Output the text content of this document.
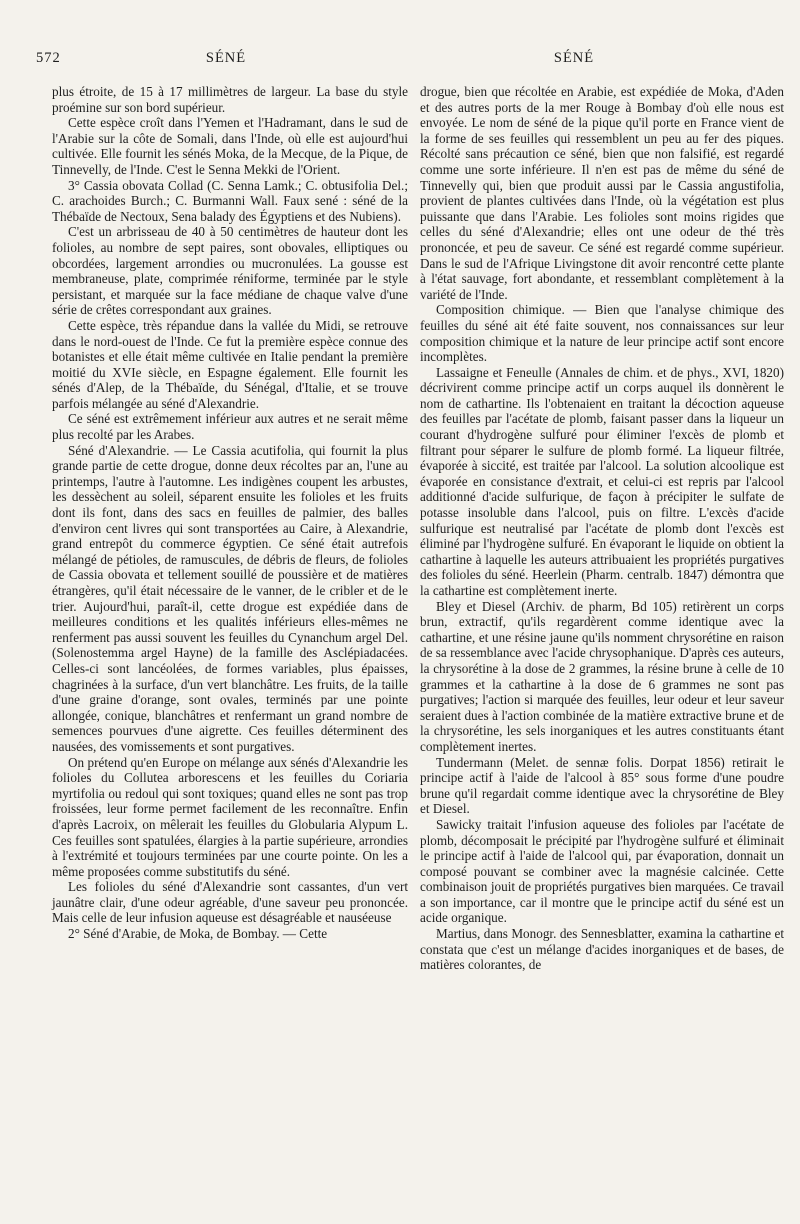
SÉNÉ
572	SÉNÉ

plus étroite, de 15 à 17 millimètres de largeur. La base du style proémine sur son bord supérieur.

Cette espèce croît dans l'Yemen et l'Hadramant, dans le sud de l'Arabie sur la côte de Somali, dans l'Inde, où elle est aujourd'hui cultivée. Elle fournit les sénés Moka, de la Mecque, de la Pique, de Tinnevelly, de l'Inde. C'est le Senna Mekki de l'Orient.

3° Cassia obovata Collad (C. Senna Lamk.; C. obtusifolia Del.; C. arachoides Burch.; C. Burmanni Wall. Faux sené : séné de la Thébaïde de Nectoux, Sena balady des Égyptiens et des Nubiens).

C'est un arbrisseau de 40 à 50 centimètres de hauteur dont les folioles, au nombre de sept paires, sont obovales, elliptiques ou obcordées, largement arrondies ou mucronulées. La gousse est membraneuse, plate, comprimée réniforme, terminée par le style persistant, et marquée sur la face médiane de chaque valve d'une série de crêtes correspondant aux graines.

Cette espèce, très répandue dans la vallée du Midi, se retrouve dans le nord-ouest de l'Inde. Ce fut la première espèce connue des botanistes et elle était même cultivée en Italie pendant la première moitié du XVIe siècle, en Espagne également. Elle fournit les sénés d'Alep, de la Thébaïde, du Sénégal, d'Italie, et se trouve parfois mélangée au séné d'Alexandrie.

Ce séné est extrêmement inférieur aux autres et ne serait même plus recolté par les Arabes.

Séné d'Alexandrie. — Le Cassia acutifolia, qui fournit la plus grande partie de cette drogue, donne deux récoltes par an, l'une au printemps, l'autre à l'automne. Les indigènes coupent les arbustes, les dessèchent au soleil, séparent ensuite les folioles et les fruits dont ils font, dans des sacs en feuilles de palmier, des balles d'environ cent livres qui sont transportées au Caire, à Alexandrie, grand entrepôt du commerce égyptien. Ce séné était autrefois mélangé de pétioles, de ramuscules, de débris de fleurs, de folioles de Cassia obovata et tellement souillé de poussière et de matières étrangères, qu'il était nécessaire de le vanner, de le cribler et de le trier. Aujourd'hui, paraît-il, cette drogue est expédiée dans de meilleures conditions et les qualités inférieurs elles-mêmes ne renferment pas aussi souvent les feuilles du Cynanchum argel Del. (Solenostemma argel Hayne) de la famille des Asclépiadacées. Celles-ci sont lancéolées, de formes variables, plus épaisses, chagrinées à la surface, d'un vert blanchâtre. Les fruits, de la taille d'une graine d'orange, sont ovales, terminés par une pointe allongée, conique, blanchâtres et renfermant un grand nombre de semences pourvues d'une aigrette. Ces feuilles déterminent des nausées, des vomissements et sont purgatives.

On prétend qu'en Europe on mélange aux sénés d'Alexandrie les folioles du Collutea arborescens et les feuilles du Coriaria myrtifolia ou redoul qui sont toxiques; quand elles ne sont pas trop froissées, leur forme permet facilement de les reconnaître. Enfin d'après Lacroix, on mêlerait les feuilles du Globularia Alypum L. Ces feuilles sont spatulées, élargies à la partie supérieure, arrondies à l'extrémité et toujours terminées par une courte pointe. On les a même proposées comme substitutifs du séné.

Les folioles du séné d'Alexandrie sont cassantes, d'un vert jaunâtre clair, d'une odeur agréable, d'une saveur peu prononcée. Mais celle de leur infusion aqueuse est désagréable et nauséeuse

2° Séné d'Arabie, de Moka, de Bombay. — Cette

drogue, bien que récoltée en Arabie, est expédiée de Moka, d'Aden et des autres ports de la mer Rouge à Bombay d'où elle nous est envoyée. Le nom de séné de la pique qu'il porte en France vient de la forme de ses feuilles qui ressemblent un peu au fer des piques. Récolté sans précaution ce séné, bien que non falsifié, est regardé comme une sorte inférieure. Il n'en est pas de même du séné de Tinnevelly qui, bien que produit aussi par le Cassia angustifolia, provient de plantes cultivées dans l'Inde, où la végétation est plus puissante que dans l'Arabie. Les folioles sont moins rigides que celles du séné d'Alexandrie; elles ont une odeur de thé très prononcée, et peu de saveur. Ce séné est regardé comme supérieur. Dans le sud de l'Afrique Livingstone dit avoir rencontré cette plante à l'état sauvage, fort abondante, et ressemblant complètement à la variété de l'Inde.

Composition chimique. — Bien que l'analyse chimique des feuilles du séné ait été faite souvent, nos connaissances sur leur composition chimique et la nature de leur principe actif sont encore incomplètes.

Lassaigne et Feneulle (Annales de chim. et de phys., XVI, 1820) décrivirent comme principe actif un corps auquel ils donnèrent le nom de cathartine. Ils l'obtenaient en traitant la décoction aqueuse des feuilles par l'acétate de plomb, faisant passer dans la liqueur un courant d'hydrogène sulfuré pour éliminer l'excès de plomb et filtrant pour séparer le sulfure de plomb formé. La liqueur filtrée, évaporée à siccité, est traitée par l'alcool. La solution alcoolique est évaporée en consistance d'extrait, et celui-ci est repris par l'alcool additionné d'acide sulfurique, de façon à précipiter le sulfate de potasse insoluble dans l'alcool, puis on filtre. L'excès d'acide sulfurique est neutralisé par l'acétate de plomb dont l'excès est éliminé par l'hydrogène sulfuré. En évaporant le liquide on obtient la cathartine à laquelle les auteurs attribuaient les propriétés purgatives des folioles du séné. Heerlein (Pharm. centralb. 1847) démontra que la cathartine est complètement inerte.

Bley et Diesel (Archiv. de pharm, Bd 105) retirèrent un corps brun, extractif, qu'ils regardèrent comme identique avec la cathartine, et une résine jaune qu'ils nomment chrysorétine en raison de sa ressemblance avec l'acide chrysophanique. D'après ces auteurs, la chrysorétine à la dose de 2 grammes, la résine brune à celle de 10 grammes et la cathartine à la dose de 6 grammes ne sont pas purgatives; l'action si marquée des feuilles, leur odeur et leur saveur seraient dues à l'action combinée de la matière extractive brune et de la chrysorétine, les sels inorganiques et les autres constituants étant complètement inertes.

Tundermann (Melet. de sennæ folis. Dorpat 1856) retirait le principe actif à l'aide de l'alcool à 85° sous forme d'une poudre brune qu'il regardait comme identique avec la chrysorétine de Bley et Diesel.

Sawicky traitait l'infusion aqueuse des folioles par l'acétate de plomb, décomposait le précipité par l'hydrogène sulfuré et éliminait le principe actif à l'aide de l'alcool qui, par évaporation, donnait un composé pouvant se combiner avec la magnésie calcinée. Cette combinaison jouit de propriétés purgatives bien marquées. Ce travail a son importance, car il montre que le principe actif du séné est un acide organique.

Martius, dans Monogr. des Sennesblatter, examina la cathartine et constata que c'est un mélange d'acides inorganiques et de bases, de matières colorantes, de
